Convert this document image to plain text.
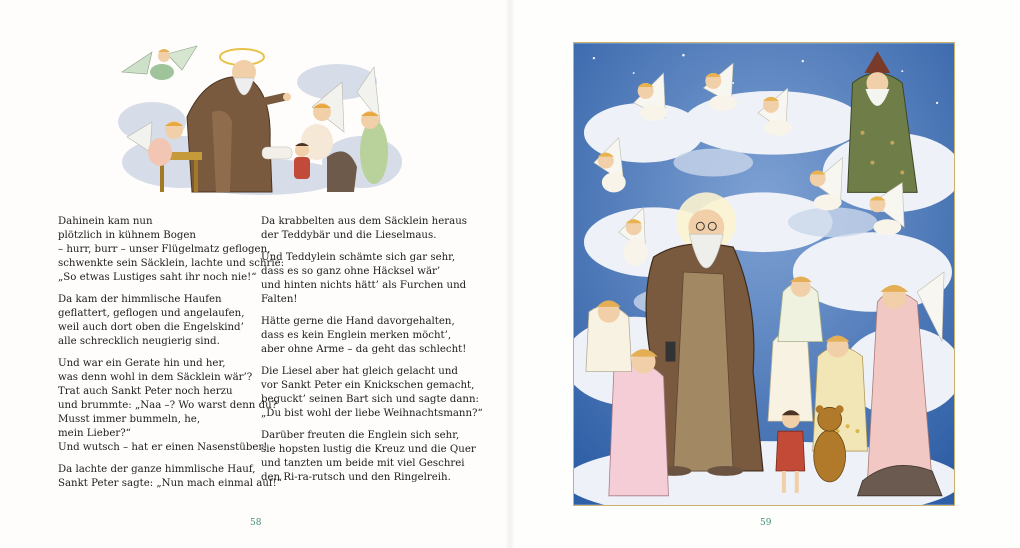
Dahinein kam nun
plötzlich in kühnem Bogen
– hurr, burr – unser Flügelmatz geflogen,
schwenkte sein Säcklein, lachte und schrie:
„So etwas Lustiges saht ihr noch nie!“

Da kam der himmlische Haufen
geflattert, geflogen und angelaufen,
weil auch dort oben die Engelskind’
alle schrecklich neugierig sind.

Und war ein Gerate hin und her,
was denn wohl in dem Säcklein wär’?
Trat auch Sankt Peter noch herzu
und brummte: „Naa –? Wo warst denn du?
Musst immer bummeln, he,
mein Lieber?“
Und wutsch – hat er einen Nasenstüber!

Da lachte der ganze himmlische Hauf,
Sankt Peter sagte: „Nun mach einmal auf!“

Da krabbelten aus dem Säcklein heraus
der Teddybär und die Lieselmaus.

Und Teddylein schämte sich gar sehr,
dass es so ganz ohne Häcksel wär’
und hinten nichts hätt’ als Furchen und
Falten!

Hätte gerne die Hand davorgehalten,
dass es kein Englein merken möcht’,
aber ohne Arme – da geht das schlecht!

Die Liesel aber hat gleich gelacht und
vor Sankt Peter ein Knickschen gemacht,
beguckt’ seinen Bart sich und sagte dann:
„Du bist wohl der liebe Weihnachtsmann?“

Darüber freuten die Englein sich sehr,
sie hopsten lustig die Kreuz und die Quer
und tanzten um beide mit viel Geschrei
den Ri-ra-rutsch und den Ringelreih.

58	59
